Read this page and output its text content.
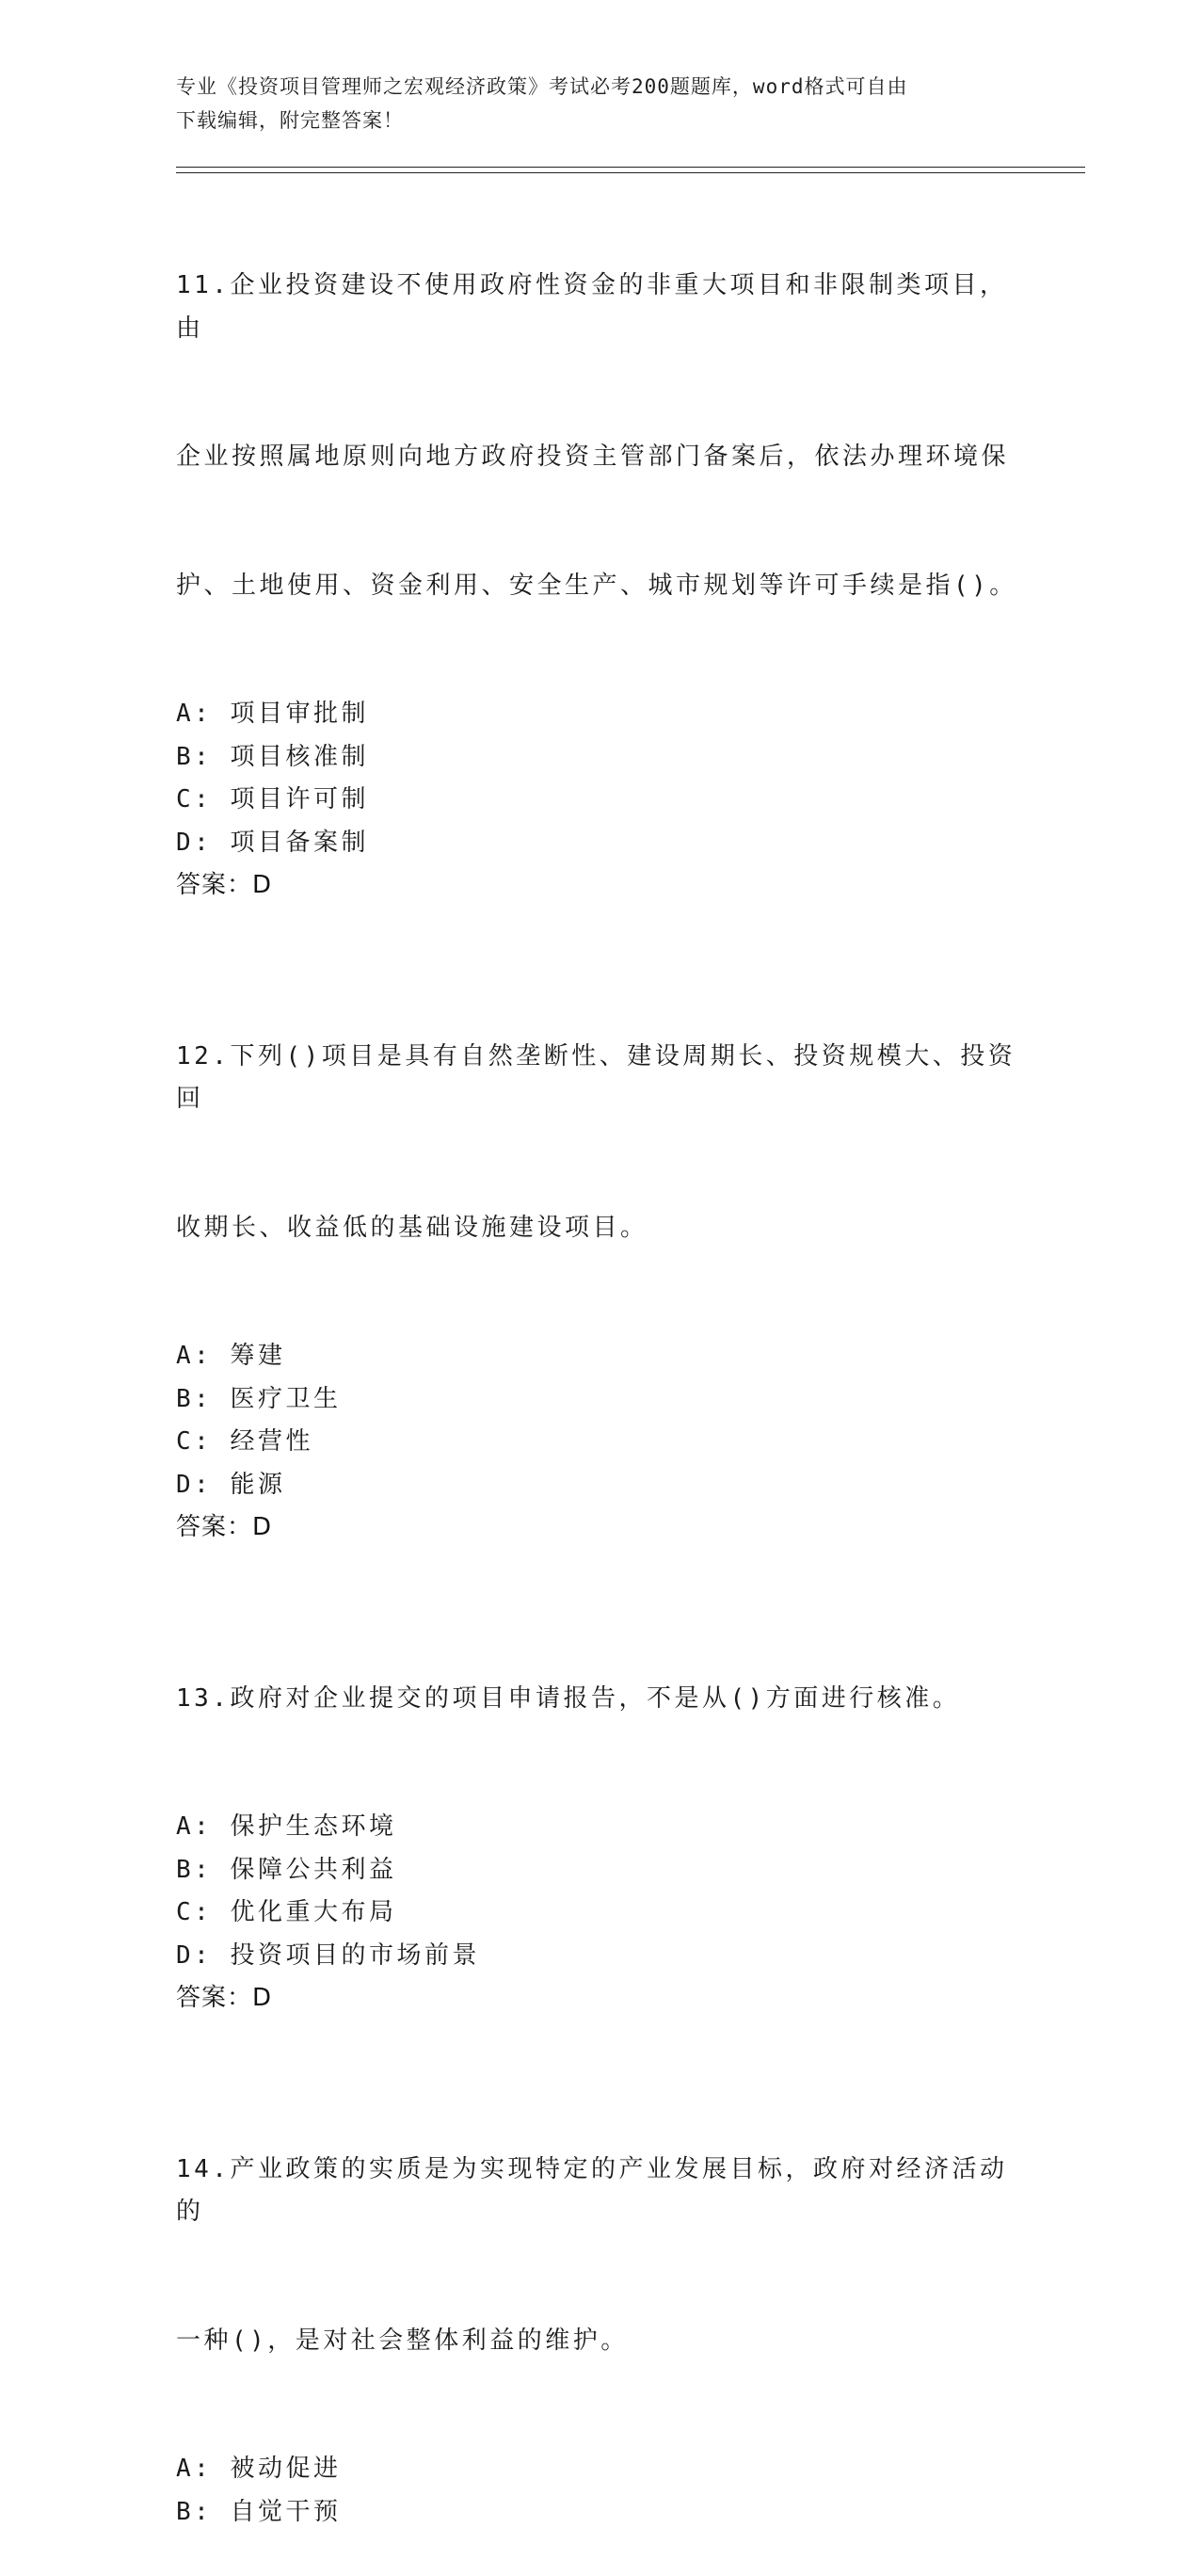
专业《投资项目管理师之宏观经济政策》考试必考200题题库，word格式可自由
下载编辑，附完整答案！

11.企业投资建设不使用政府性资金的非重大项目和非限制类项目，由

企业按照属地原则向地方政府投资主管部门备案后，依法办理环境保

护、土地使用、资金利用、安全生产、城市规划等许可手续是指()。

A: 项目审批制
B: 项目核准制
C: 项目许可制
D: 项目备案制
答案：D

12.下列()项目是具有自然垄断性、建设周期长、投资规模大、投资回

收期长、收益低的基础设施建设项目。

A: 筹建
B: 医疗卫生
C: 经营性
D: 能源
答案：D

13.政府对企业提交的项目申请报告，不是从()方面进行核准。

A: 保护生态环境
B: 保障公共利益
C: 优化重大布局
D: 投资项目的市场前景
答案：D

14.产业政策的实质是为实现特定的产业发展目标，政府对经济活动的

一种()，是对社会整体利益的维护。

A: 被动促进
B: 自觉干预
